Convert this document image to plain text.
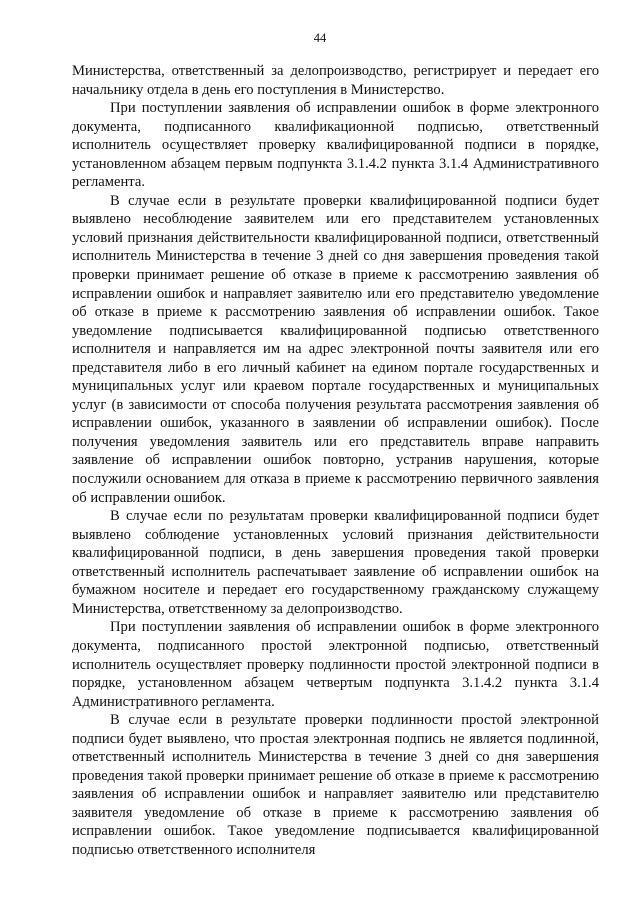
44

Министерства, ответственный за делопроизводство, регистрирует и передает его начальнику отдела в день его поступления в Министерство.

При поступлении заявления об исправлении ошибок в форме электронного документа, подписанного квалификационной подписью, ответственный исполнитель осуществляет проверку квалифицированной подписи в порядке, установленном абзацем первым подпункта 3.1.4.2 пункта 3.1.4 Административного регламента.

В случае если в результате проверки квалифицированной подписи будет выявлено несоблюдение заявителем или его представителем установленных условий признания действительности квалифицированной подписи, ответственный исполнитель Министерства в течение 3 дней со дня завершения проведения такой проверки принимает решение об отказе в приеме к рассмотрению заявления об исправлении ошибок и направляет заявителю или его представителю уведомление об отказе в приеме к рассмотрению заявления об исправлении ошибок. Такое уведомление подписывается квалифицированной подписью ответственного исполнителя и направляется им на адрес электронной почты заявителя или его представителя либо в его личный кабинет на едином портале государственных и муниципальных услуг или краевом портале государственных и муниципальных услуг (в зависимости от способа получения результата рассмотрения заявления об исправлении ошибок, указанного в заявлении об исправлении ошибок). После получения уведомления заявитель или его представитель вправе направить заявление об исправлении ошибок повторно, устранив нарушения, которые послужили основанием для отказа в приеме к рассмотрению первичного заявления об исправлении ошибок.

В случае если по результатам проверки квалифицированной подписи будет выявлено соблюдение установленных условий признания действительности квалифицированной подписи, в день завершения проведения такой проверки ответственный исполнитель распечатывает заявление об исправлении ошибок на бумажном носителе и передает его государственному гражданскому служащему Министерства, ответственному за делопроизводство.

При поступлении заявления об исправлении ошибок в форме электронного документа, подписанного простой электронной подписью, ответственный исполнитель осуществляет проверку подлинности простой электронной подписи в порядке, установленном абзацем четвертым подпункта 3.1.4.2 пункта 3.1.4 Административного регламента.

В случае если в результате проверки подлинности простой электронной подписи будет выявлено, что простая электронная подпись не является подлинной, ответственный исполнитель Министерства в течение 3 дней со дня завершения проведения такой проверки принимает решение об отказе в приеме к рассмотрению заявления об исправлении ошибок и направляет заявителю или представителю заявителя уведомление об отказе в приеме к рассмотрению заявления об исправлении ошибок. Такое уведомление подписывается квалифицированной подписью ответственного исполнителя
